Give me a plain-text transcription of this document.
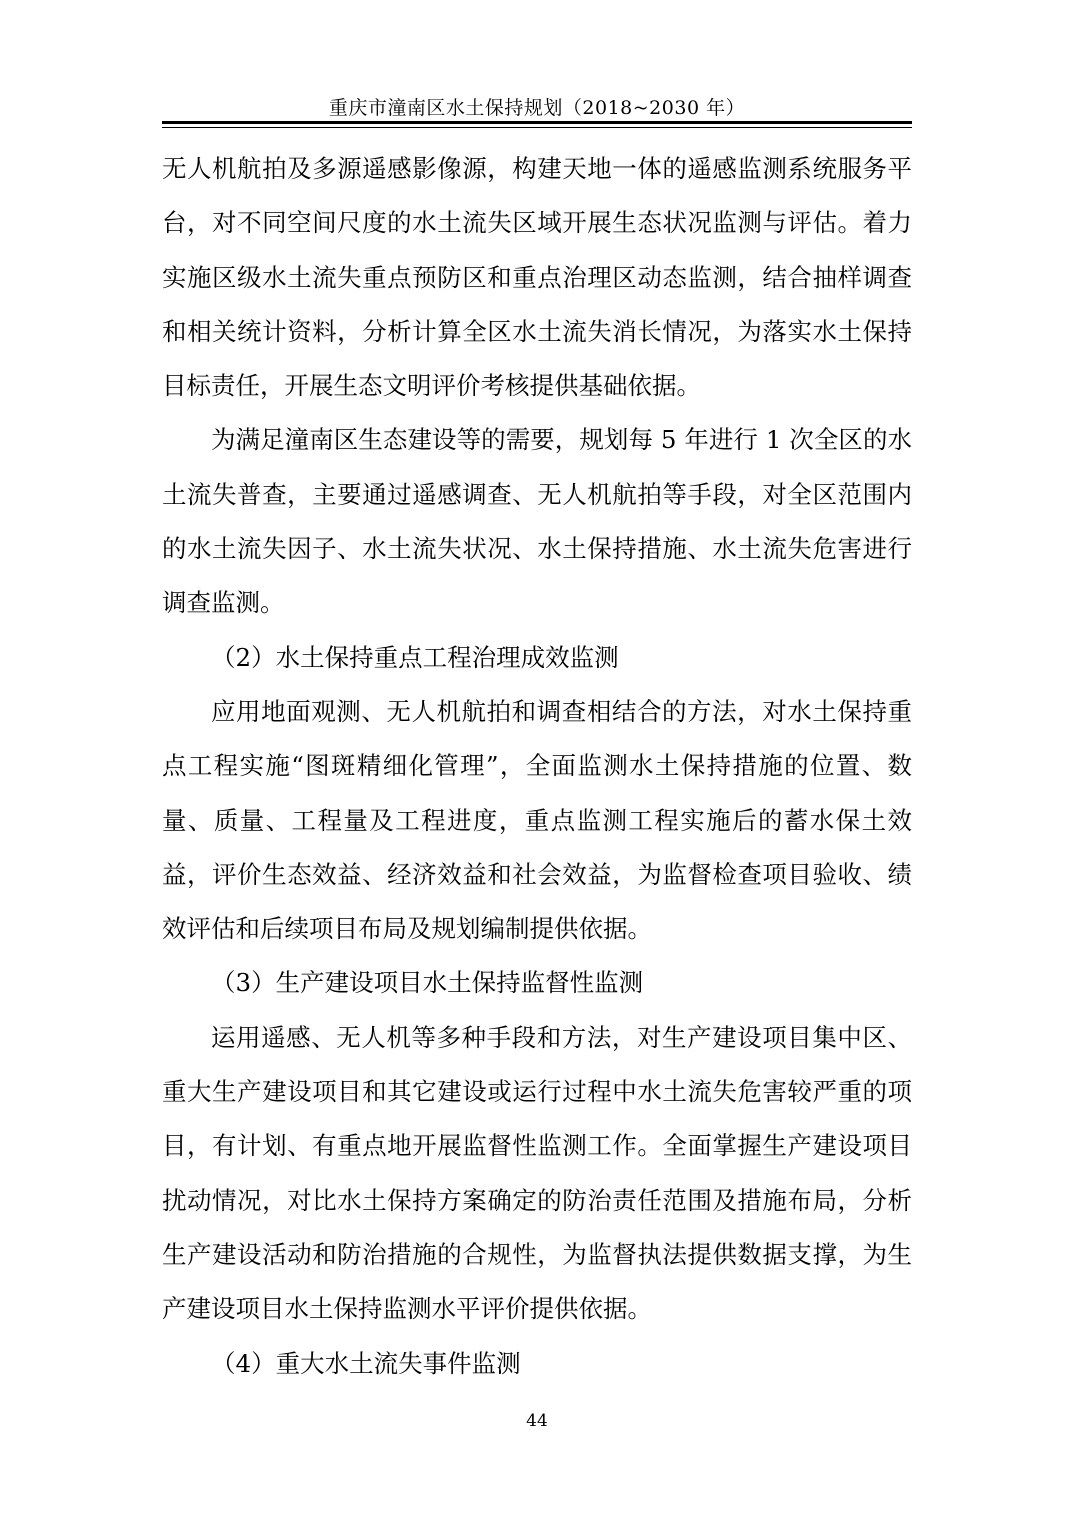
重庆市潼南区水土保持规划（2018~2030 年）

无人机航拍及多源遥感影像源，构建天地一体的遥感监测系统服务平台，对不同空间尺度的水土流失区域开展生态状况监测与评估。着力实施区级水土流失重点预防区和重点治理区动态监测，结合抽样调查和相关统计资料，分析计算全区水土流失消长情况，为落实水土保持目标责任，开展生态文明评价考核提供基础依据。

为满足潼南区生态建设等的需要，规划每 5 年进行 1 次全区的水土流失普查，主要通过遥感调查、无人机航拍等手段，对全区范围内的水土流失因子、水土流失状况、水土保持措施、水土流失危害进行调查监测。

（2）水土保持重点工程治理成效监测

应用地面观测、无人机航拍和调查相结合的方法，对水土保持重点工程实施“图斑精细化管理”，全面监测水土保持措施的位置、数量、质量、工程量及工程进度，重点监测工程实施后的蓄水保土效益，评价生态效益、经济效益和社会效益，为监督检查项目验收、绩效评估和后续项目布局及规划编制提供依据。

（3）生产建设项目水土保持监督性监测

运用遥感、无人机等多种手段和方法，对生产建设项目集中区、重大生产建设项目和其它建设或运行过程中水土流失危害较严重的项目，有计划、有重点地开展监督性监测工作。全面掌握生产建设项目扰动情况，对比水土保持方案确定的防治责任范围及措施布局，分析生产建设活动和防治措施的合规性，为监督执法提供数据支撑，为生产建设项目水土保持监测水平评价提供依据。

（4）重大水土流失事件监测

44
